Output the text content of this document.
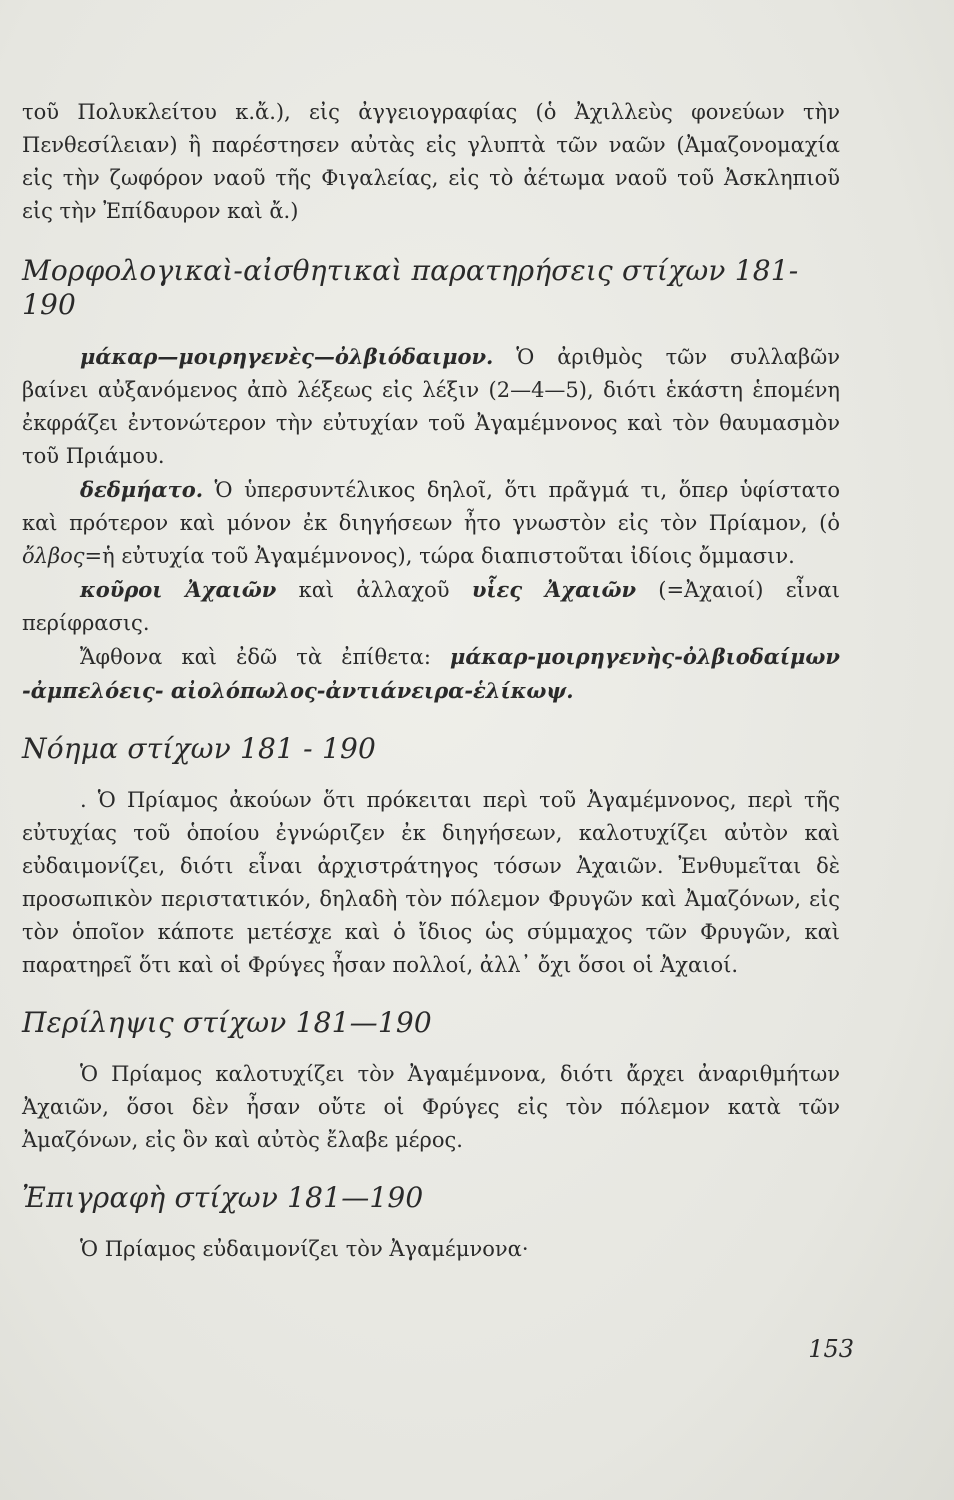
τοῦ Πολυκλείτου κ.ἄ.), εἰς ἀγγειογραφίας (ὁ Ἀχιλλεὺς φονεύων τὴν Πενθεσίλειαν) ἢ παρέστησεν αὐτὰς εἰς γλυπτὰ τῶν ναῶν (Ἀμαζονομαχία εἰς τὴν ζωφόρον ναοῦ τῆς Φιγαλείας, εἰς τὸ ἀέτωμα ναοῦ τοῦ Ἀσκληπιοῦ εἰς τὴν Ἐπίδαυρον καὶ ἄ.)

Μορφολογικαὶ-αἰσθητικαὶ παρατηρήσεις στίχων 181-190

μάκαρ—μοιρηγενὲς—ὀλβιόδαιμον. Ὁ ἀριθμὸς τῶν συλλαβῶν βαίνει αὐξανόμενος ἀπὸ λέξεως εἰς λέξιν (2—4—5), διότι ἑκάστη ἑπομένη ἐκφράζει ἐντονώτερον τὴν εὐτυχίαν τοῦ Ἀγαμέμνονος καὶ τὸν θαυμασμὸν τοῦ Πριάμου.

δεδμήατο. Ὁ ὑπερσυντέλικος δηλοῖ, ὅτι πρᾶγμά τι, ὅπερ ὑφίστατο καὶ πρότερον καὶ μόνον ἐκ διηγήσεων ἦτο γνωστὸν εἰς τὸν Πρίαμον, (ὁ ὄλβος=ἡ εὐτυχία τοῦ Ἀγαμέμνονος), τώρα διαπιστοῦται ἰδίοις ὄμμασιν.

κοῦροι Ἀχαιῶν καὶ ἀλλαχοῦ υἷες Ἀχαιῶν (=Ἀχαιοί) εἶναι περίφρασις.

Ἄφθονα καὶ ἐδῶ τὰ ἐπίθετα: μάκαρ-μοιρηγενὴς-ὀλβιοδαίμων -ἀμπελόεις- αἰολόπωλος-ἀντιάνειρα-ἑλίκωψ.

Νόημα στίχων 181 - 190

. Ὁ Πρίαμος ἀκούων ὅτι πρόκειται περὶ τοῦ Ἀγαμέμνονος, περὶ τῆς εὐτυχίας τοῦ ὁποίου ἐγνώριζεν ἐκ διηγήσεων, καλοτυχίζει αὐτὸν καὶ εὐδαιμονίζει, διότι εἶναι ἀρχιστράτηγος τόσων Ἀχαιῶν. Ἐνθυμεῖται δὲ προσωπικὸν περιστατικόν, δηλαδὴ τὸν πόλεμον Φρυγῶν καὶ Ἀμαζόνων, εἰς τὸν ὁποῖον κάποτε μετέσχε καὶ ὁ ἴδιος ὡς σύμμαχος τῶν Φρυγῶν, καὶ παρατηρεῖ ὅτι καὶ οἱ Φρύγες ἦσαν πολλοί, ἀλλ᾽ ὄχι ὅσοι οἱ Ἀχαιοί.

Περίληψις στίχων 181—190

Ὁ Πρίαμος καλοτυχίζει τὸν Ἀγαμέμνονα, διότι ἄρχει ἀναριθμήτων Ἀχαιῶν, ὅσοι δὲν ἦσαν οὔτε οἱ Φρύγες εἰς τὸν πόλεμον κατὰ τῶν Ἀμαζόνων, εἰς ὃν καὶ αὐτὸς ἔλαβε μέρος.

Ἐπιγραφὴ στίχων 181—190

Ὁ Πρίαμος εὐδαιμονίζει τὸν Ἀγαμέμνονα·

153
